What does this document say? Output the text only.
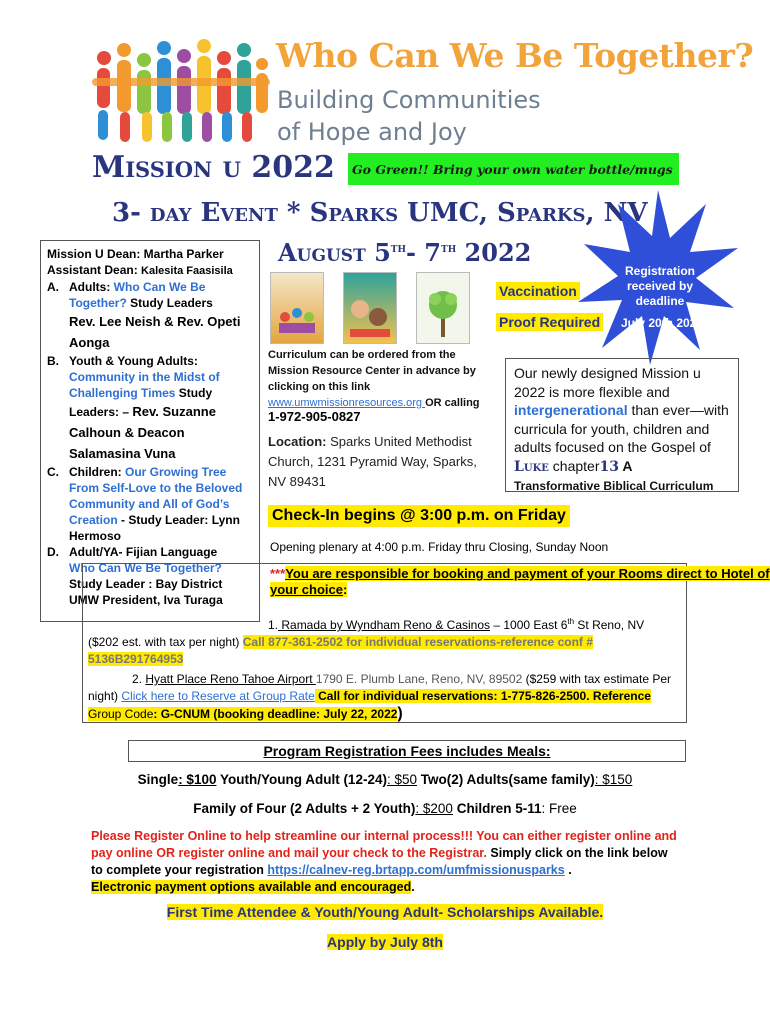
Who Can We Be Together?
Building Communities
of Hope and Joy
Mission u 2022	Go Green!! Bring your own water bottle/mugs
3- day Event * Sparks UMC, Sparks, NV
August 5th- 7th 2022
Registration received by deadline
July 20th 2022
Vaccination
Proof Required
Mission U Dean: Martha Parker
Assistant Dean: Kalesita Faasisila
A. Adults: Who Can We Be Together? Study Leaders
Rev. Lee Neish & Rev. Opeti Aonga
B. Youth & Young Adults: Community in the Midst of Challenging Times Study Leaders: – Rev. Suzanne Calhoun & Deacon Salamasina Vuna
C. Children: Our Growing Tree From Self-Love to the Beloved Community and All of God’s Creation - Study Leader: Lynn Hermoso
D. Adult/YA- Fijian Language
Who Can We Be Together?
Study Leader : Bay District UMW President, Iva Turaga
Curriculum can be ordered from the Mission Resource Center in advance by clicking on this link www.umwmissionresources.org OR calling
1-972-905-0827
Location: Sparks United Methodist Church, 1231 Pyramid Way, Sparks, NV 89431
Our newly designed Mission u 2022 is more flexible and intergenerational than ever—with curricula for youth, children and adults focused on the Gospel of Luke chapter13 A
Transformative Biblical Curriculum
Check-In begins @ 3:00 p.m. on Friday
Opening plenary at 4:00 p.m. Friday thru Closing, Sunday Noon
***You are responsible for booking and payment of your Rooms direct to Hotel of your choice:
1. Ramada by Wyndham Reno & Casinos – 1000 East 6th St Reno, NV
($202 est. with tax per night) Call 877-361-2502 for individual reservations-reference conf # 5136B291764953
2. Hyatt Place Reno Tahoe Airport 1790 E. Plumb Lane, Reno, NV, 89502 ($259 with tax estimate Per night) Click here to Reserve at Group Rate Call for individual reservations: 1-775-826-2500. Reference Group Code: G-CNUM (booking deadline: July 22, 2022)
Program Registration Fees includes Meals:
Single: $100 Youth/Young Adult (12-24): $50 Two(2) Adults(same family): $150
Family of Four (2 Adults + 2 Youth): $200 Children 5-11: Free
Please Register Online to help streamline our internal process!!! You can either register online and pay online OR register online and mail your check to the Registrar. Simply click on the link below to complete your registration https://calnev-reg.brtapp.com/umfmissionusparks .
Electronic payment options available and encouraged.
First Time Attendee & Youth/Young Adult- Scholarships Available.
Apply by July 8th
